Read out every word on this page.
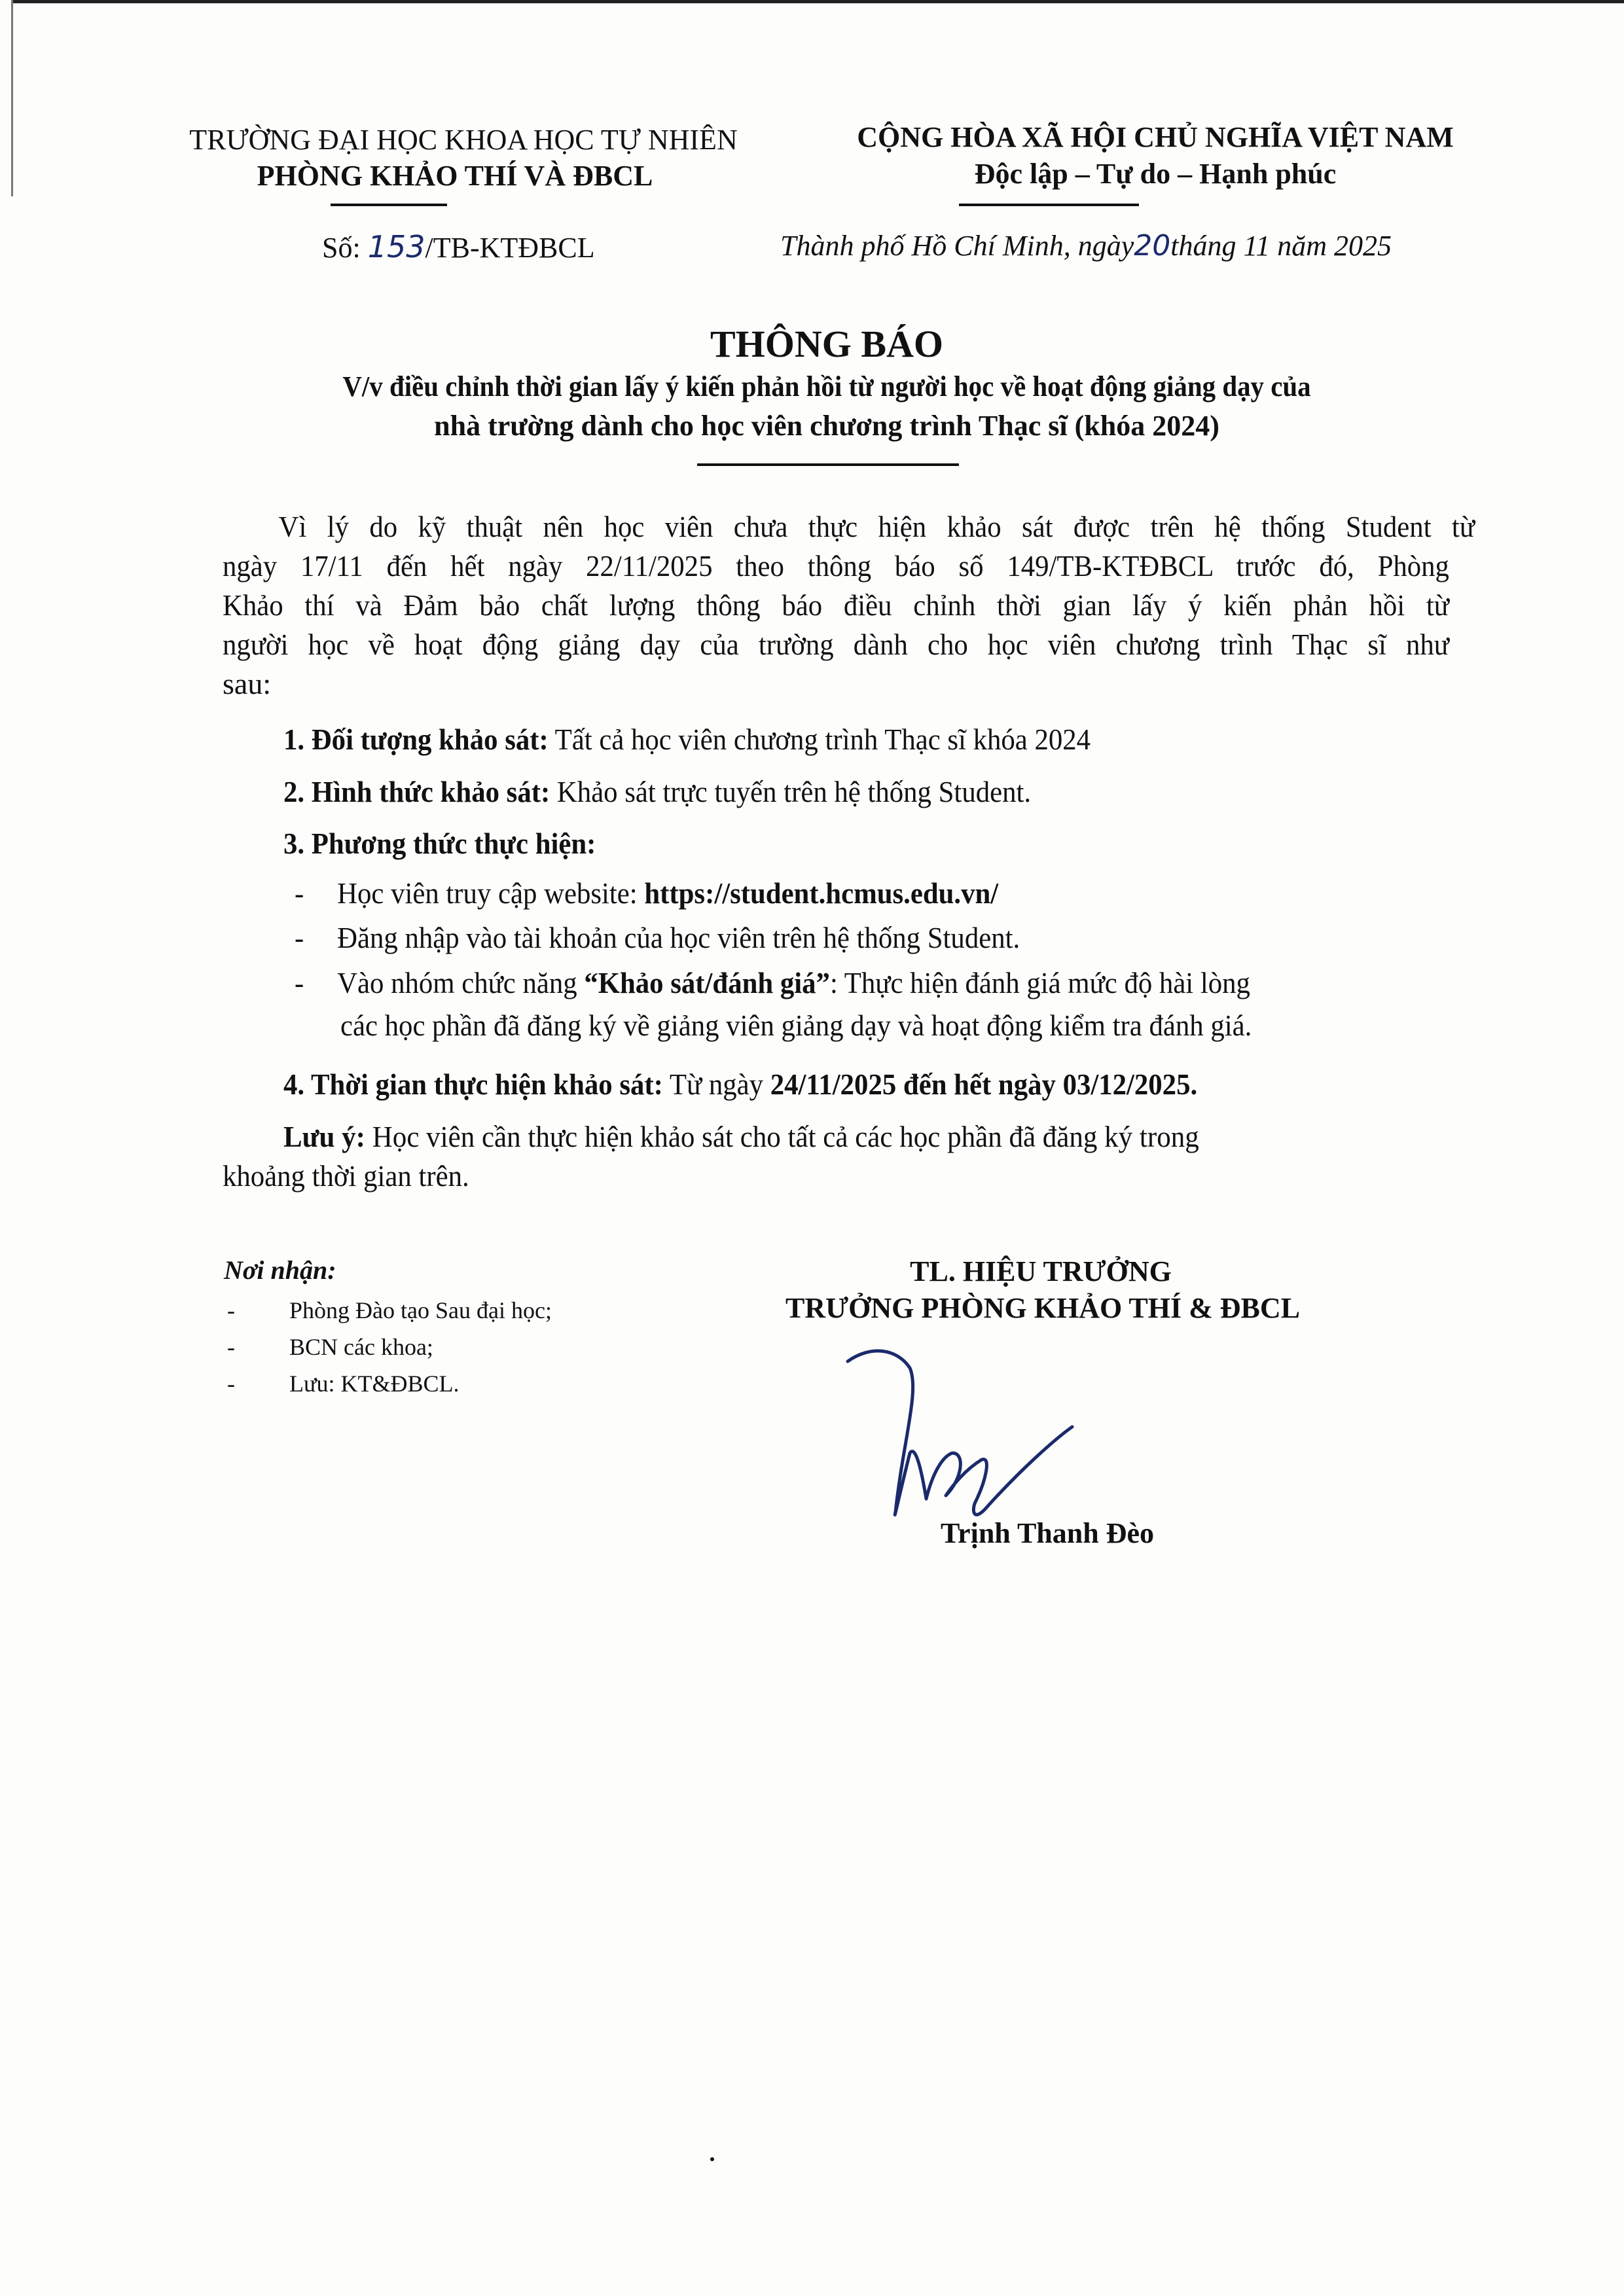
TRƯỜNG ĐẠI HỌC KHOA HỌC TỰ NHIÊN
PHÒNG KHẢO THÍ VÀ ĐBCL
Số: 153/TB-KTĐBCL
CỘNG HÒA XÃ HỘI CHỦ NGHĨA VIỆT NAM
Độc lập – Tự do – Hạnh phúc
Thành phố Hồ Chí Minh, ngày20tháng 11 năm 2025
THÔNG BÁO
V/v điều chỉnh thời gian lấy ý kiến phản hồi từ người học về hoạt động giảng dạy của
nhà trường dành cho học viên chương trình Thạc sĩ (khóa 2024)
Vì lý do kỹ thuật nên học viên chưa thực hiện khảo sát được trên hệ thống Student từ
ngày 17/11 đến hết ngày 22/11/2025 theo thông báo số 149/TB-KTĐBCL trước đó, Phòng
Khảo thí và Đảm bảo chất lượng thông báo điều chỉnh thời gian lấy ý kiến phản hồi từ
người học về hoạt động giảng dạy của trường dành cho học viên chương trình Thạc sĩ như
sau:
1. Đối tượng khảo sát: Tất cả học viên chương trình Thạc sĩ khóa 2024
2. Hình thức khảo sát: Khảo sát trực tuyến trên hệ thống Student.
3. Phương thức thực hiện:
- Học viên truy cập website: https://student.hcmus.edu.vn/
- Đăng nhập vào tài khoản của học viên trên hệ thống Student.
- Vào nhóm chức năng “Khảo sát/đánh giá”: Thực hiện đánh giá mức độ hài lòng
các học phần đã đăng ký về giảng viên giảng dạy và hoạt động kiểm tra đánh giá.
4. Thời gian thực hiện khảo sát: Từ ngày 24/11/2025 đến hết ngày 03/12/2025.
Lưu ý: Học viên cần thực hiện khảo sát cho tất cả các học phần đã đăng ký trong
khoảng thời gian trên.
Nơi nhận:
- Phòng Đào tạo Sau đại học;
- BCN các khoa;
- Lưu: KT&ĐBCL.
TL. HIỆU TRƯỞNG
TRƯỞNG PHÒNG KHẢO THÍ & ĐBCL
Trịnh Thanh Đèo
